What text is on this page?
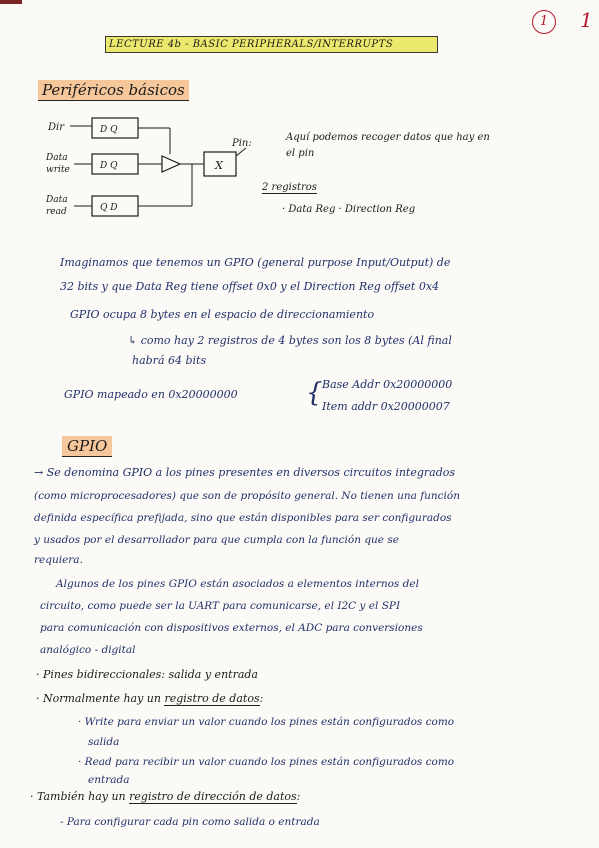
1	1
LECTURE 4b - BASIC PERIPHERALS/INTERRUPTS
Periféricos básicos
Dir	D Q
Data
write	D Q
Data
read	Q D
X
Pin:
Aquí podemos recoger datos que hay en
el pin
2 registros
· Data Reg · Direction Reg
Imaginamos que tenemos un GPIO (general purpose Input/Output) de
32 bits y que Data Reg tiene offset 0x0 y el Direction Reg offset 0x4
GPIO ocupa 8 bytes en el espacio de direccionamiento
↳ como hay 2 registros de 4 bytes son los 8 bytes (Al final
habrá 64 bits
GPIO mapeado en 0x20000000	{ Base Addr 0x20000000
Item addr 0x20000007
GPIO
→ Se denomina GPIO a los pines presentes en diversos circuitos integrados
(como microprocesadores) que son de propósito general. No tienen una función
definida específica prefijada, sino que están disponibles para ser configurados
y usados por el desarrollador para que cumpla con la función que se
requiera.
Algunos de los pines GPIO están asociados a elementos internos del
circuito, como puede ser la UART para comunicarse, el I2C y el SPI
para comunicación con dispositivos externos, el ADC para conversiones
analógico - digital
· Pines bidireccionales: salida y entrada
· Normalmente hay un registro de datos:
· Write para enviar un valor cuando los pines están configurados como
salida
· Read para recibir un valor cuando los pines están configurados como
entrada
· También hay un registro de dirección de datos:
- Para configurar cada pin como salida o entrada
